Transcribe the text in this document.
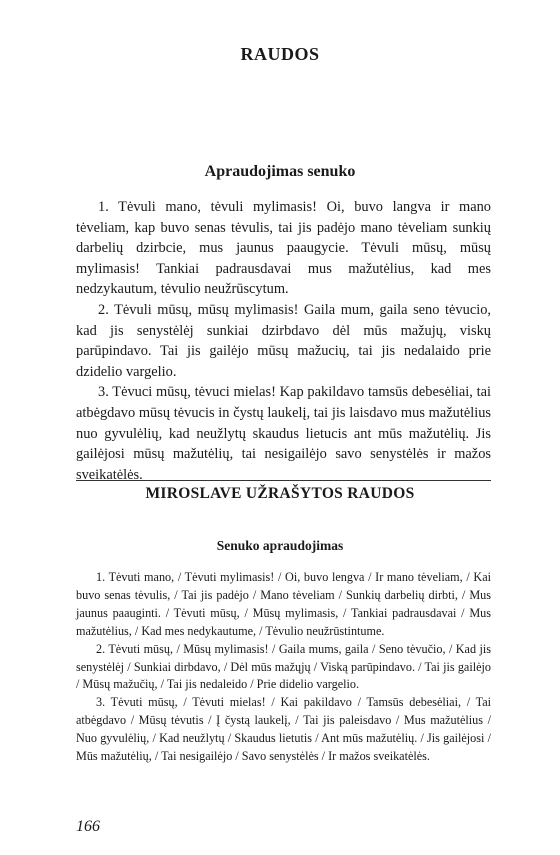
RAUDOS
Apraudojimas senuko

1. Tėvuli mano, tėvuli mylimasis! Oi, buvo langva ir mano tėveliam, kap buvo senas tėvulis, tai jis padėjo mano tėveliam sunkių darbelių dzirbcie, mus jaunus paaugycie. Tėvuli mūsų, mūsų mylimasis! Tankiai padrausdavai mus mažutėlius, kad mes nedzykautum, tėvulio neužrūscytum.

2. Tėvuli mūsų, mūsų mylimasis! Gaila mum, gaila seno tėvucio, kad jis senystėlėj sunkiai dzirbdavo dėl mūs mažujų, viskų parūpindavo. Tai jis gailėjo mūsų mažucių, tai jis nedalaido prie dzidelio vargelio.

3. Tėvuci mūsų, tėvuci mielas! Kap pakildavo tamsūs debesėliai, tai atbėgdavo mūsų tėvucis in čystų laukelį, tai jis laisdavo mus mažutėlius nuo gyvulėlių, kad neužlytų skaudus lietucis ant mūs mažutėlių. Jis gailėjosi mūsų mažutėlių, tai nesigailėjo savo senystėlės ir mažos sveikatėlės.

MIROSLAVE UŽRAŠYTOS RAUDOS
Senuko apraudojimas

1. Tėvuti mano, / Tėvuti mylimasis! / Oi, buvo lengva / Ir mano tėveliam, / Kai buvo senas tėvulis, / Tai jis padėjo / Mano tėveliam / Sunkių darbelių dirbti, / Mus jaunus paauginti. / Tėvuti mūsų, / Mūsų mylimasis, / Tankiai padrausdavai / Mus mažutėlius, / Kad mes nedykautume, / Tėvulio neužrūstintume.

2. Tėvuti mūsų, / Mūsų mylimasis! / Gaila mums, gaila / Seno tėvučio, / Kad jis senystėlėj / Sunkiai dirbdavo, / Dėl mūs mažųjų / Viską parūpindavo. / Tai jis gailėjo / Mūsų mažučių, / Tai jis nedaleido / Prie didelio vargelio.

3. Tėvuti mūsų, / Tėvuti mielas! / Kai pakildavo / Tamsūs debesėliai, / Tai atbėgdavo / Mūsų tėvutis / Į čystą laukelį, / Tai jis paleisdavo / Mus mažutėlius / Nuo gyvulėlių, / Kad neužlytų / Skaudus lietutis / Ant mūs mažutėlių. / Jis gailėjosi / Mūs mažutėlių, / Tai nesigailėjo / Savo senystėlės / Ir mažos sveikatėlės.

166
